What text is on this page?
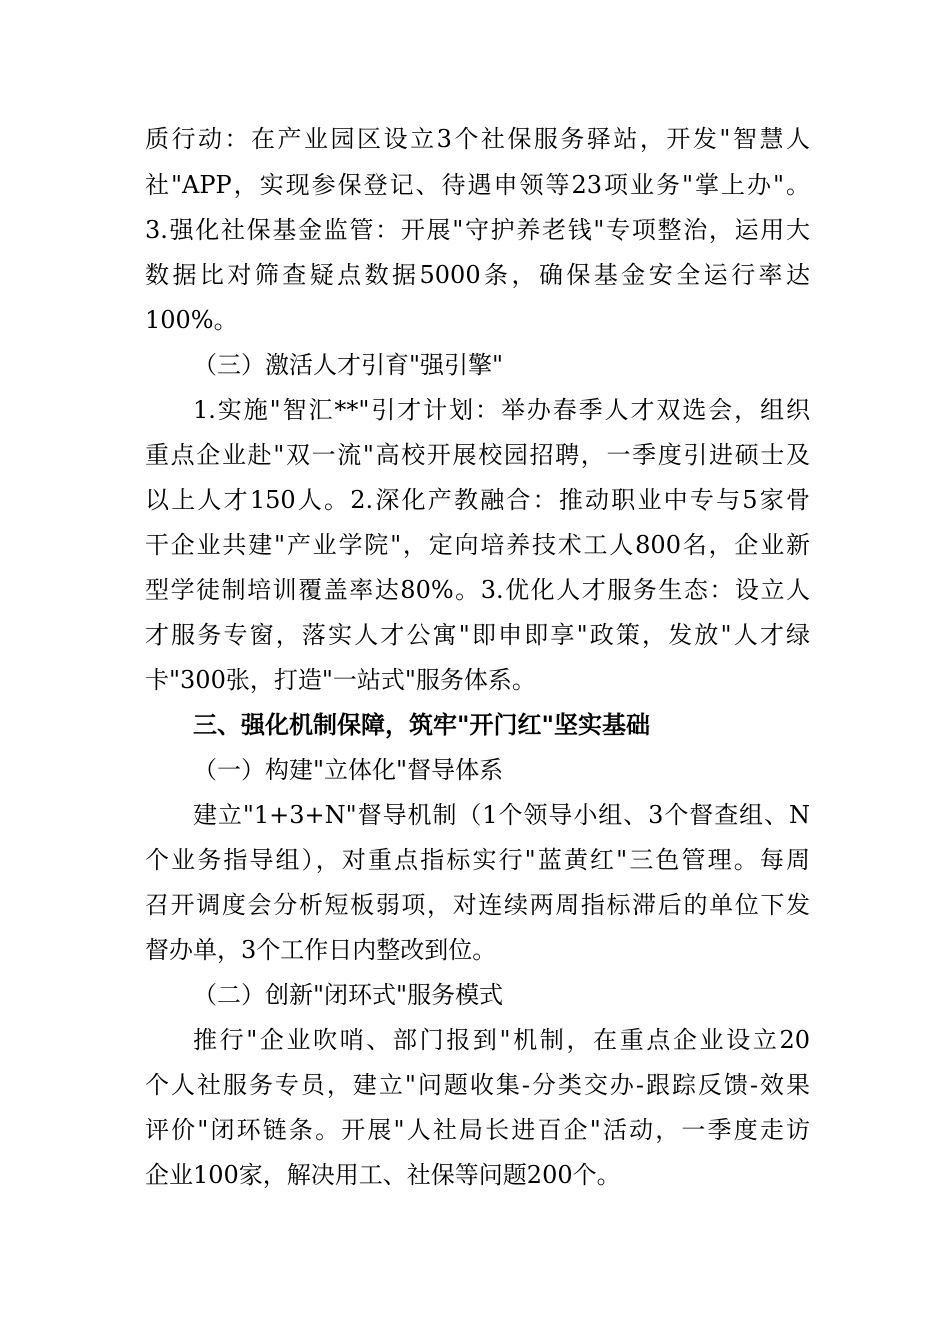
质行动：在产业园区设立3个社保服务驿站，开发"智慧人
社"APP，实现参保登记、待遇申领等23项业务"掌上办"。
3.强化社保基金监管：开展"守护养老钱"专项整治，运用大
数据比对筛查疑点数据5000条，确保基金安全运行率达
100%。
（三）激活人才引育"强引擎"
1.实施"智汇**"引才计划：举办春季人才双选会，组织
重点企业赴"双一流"高校开展校园招聘，一季度引进硕士及
以上人才150人。2.深化产教融合：推动职业中专与5家骨
干企业共建"产业学院"，定向培养技术工人800名，企业新
型学徒制培训覆盖率达80%。3.优化人才服务生态：设立人
才服务专窗，落实人才公寓"即申即享"政策，发放"人才绿
卡"300张，打造"一站式"服务体系。
三、强化机制保障，筑牢"开门红"坚实基础
（一）构建"立体化"督导体系
建立"1+3+N"督导机制（1个领导小组、3个督查组、N
个业务指导组），对重点指标实行"蓝黄红"三色管理。每周
召开调度会分析短板弱项，对连续两周指标滞后的单位下发
督办单，3个工作日内整改到位。
（二）创新"闭环式"服务模式
推行"企业吹哨、部门报到"机制，在重点企业设立20
个人社服务专员，建立"问题收集-分类交办-跟踪反馈-效果
评价"闭环链条。开展"人社局长进百企"活动，一季度走访
企业100家，解决用工、社保等问题200个。
